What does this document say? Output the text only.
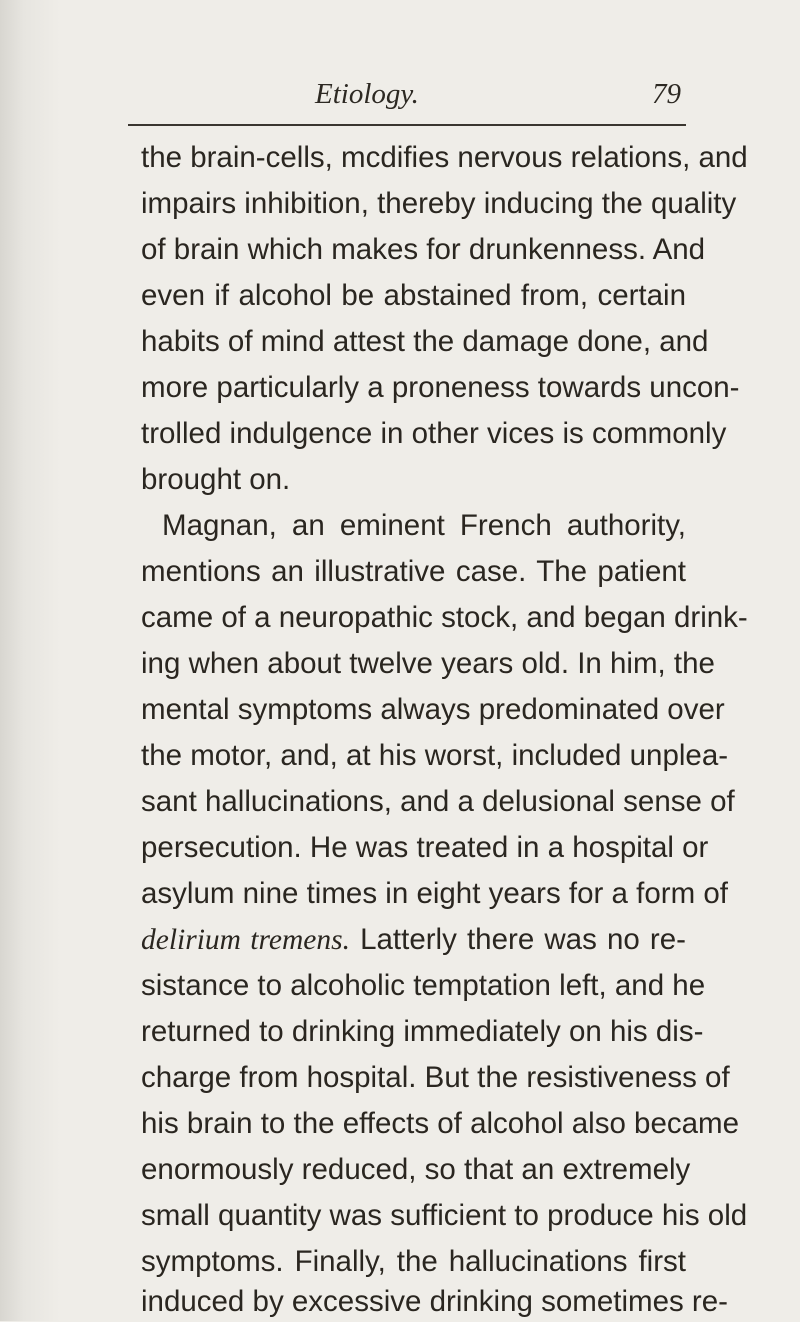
Etiology.	79
the brain-cells, mcdifies nervous relations, and
impairs inhibition, thereby inducing the quality
of brain which makes for drunkenness. And
even if alcohol be abstained from, certain
habits of mind attest the damage done, and
more particularly a proneness towards uncon-
trolled indulgence in other vices is commonly
brought on.
Magnan, an eminent French authority,
mentions an illustrative case. The patient
came of a neuropathic stock, and began drink-
ing when about twelve years old. In him, the
mental symptoms always predominated over
the motor, and, at his worst, included unplea-
sant hallucinations, and a delusional sense of
persecution. He was treated in a hospital or
asylum nine times in eight years for a form of
delirium tremens. Latterly there was no re-
sistance to alcoholic temptation left, and he
returned to drinking immediately on his dis-
charge from hospital. But the resistiveness of
his brain to the effects of alcohol also became
enormously reduced, so that an extremely
small quantity was sufficient to produce his old
symptoms. Finally, the hallucinations first
induced by excessive drinking sometimes re-
